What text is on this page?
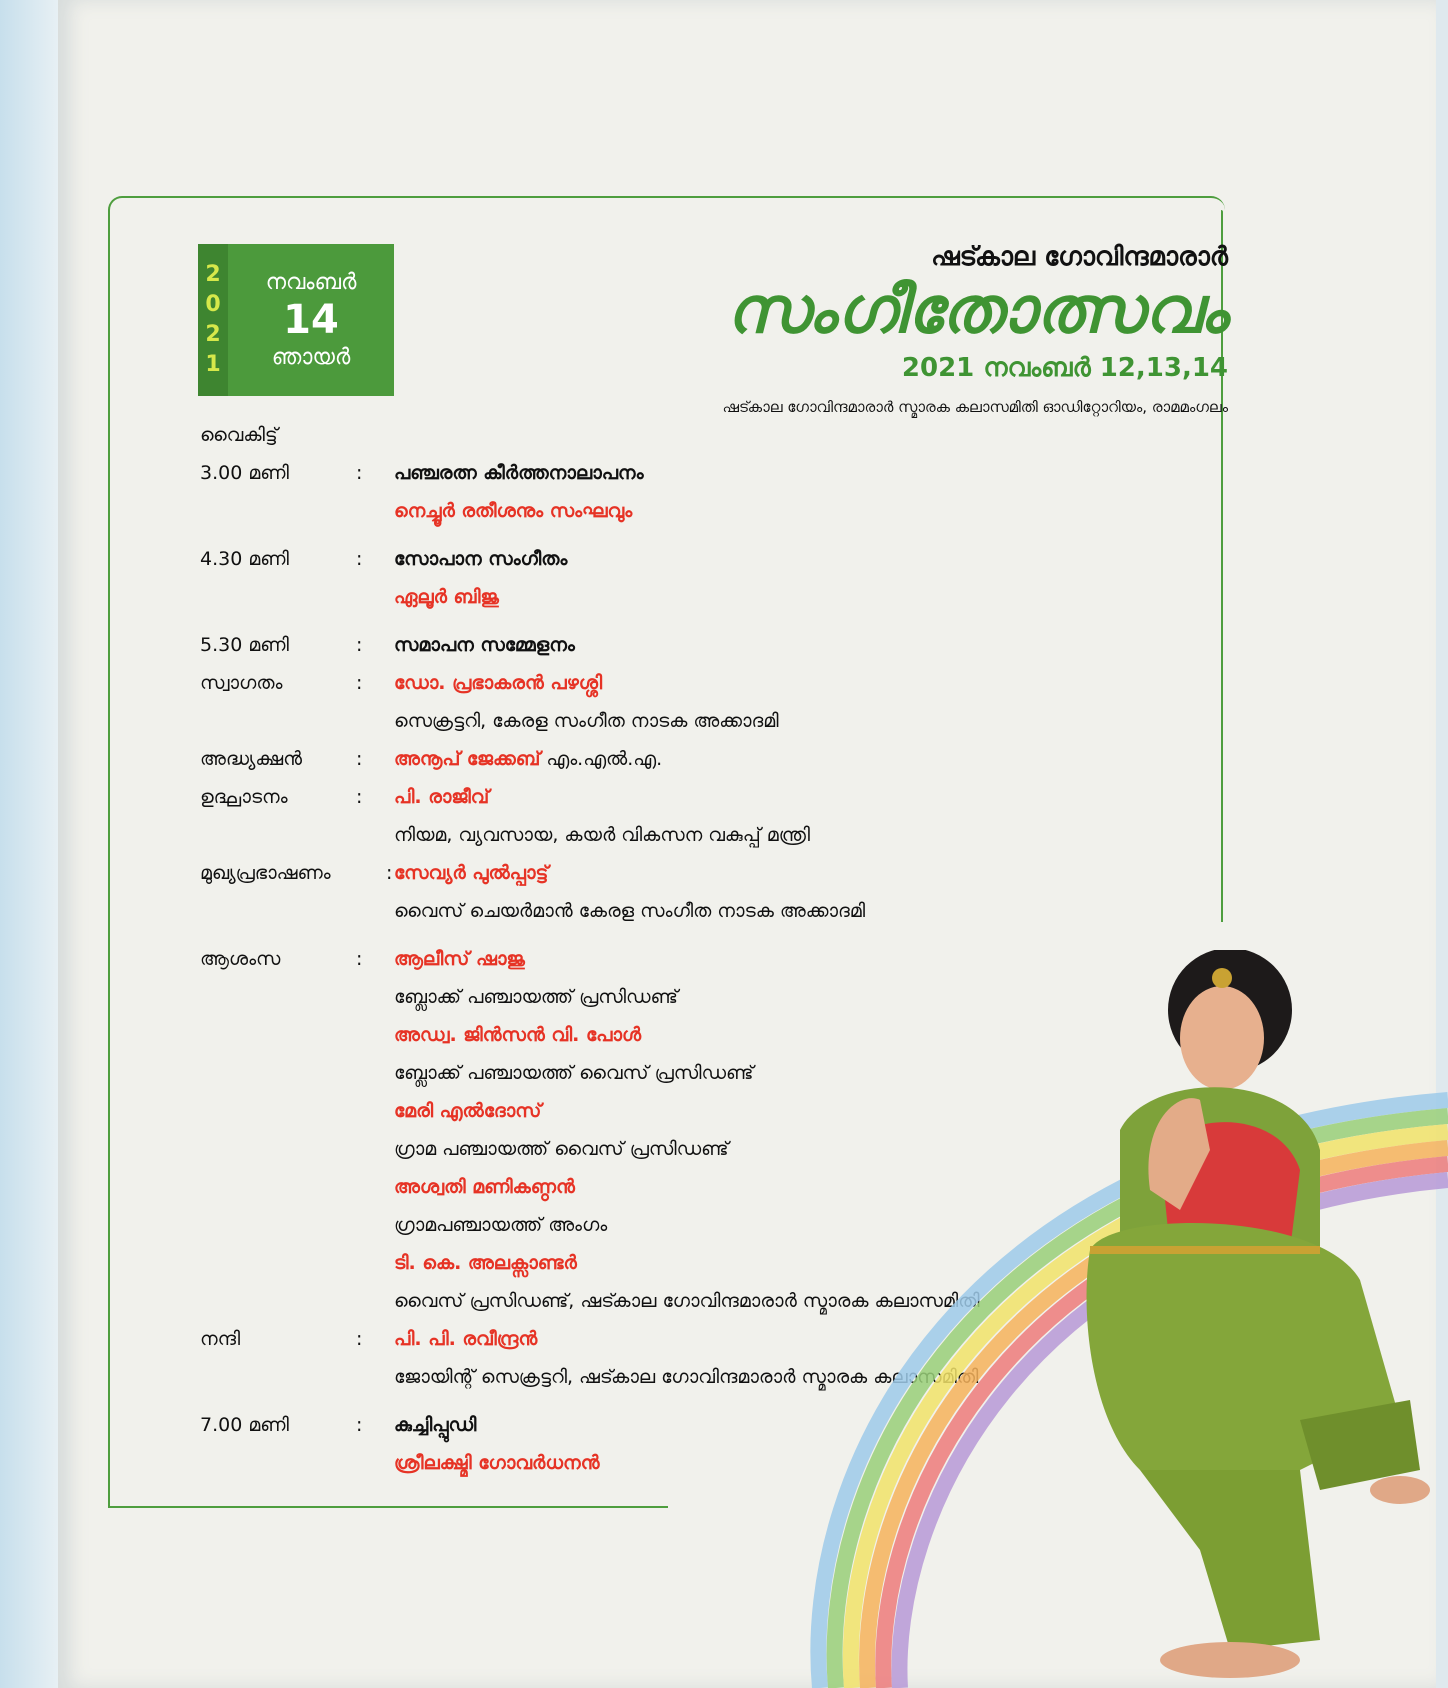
2
0
2
1
നവംബർ
14
ഞായർ
ഷട്കാല ഗോവിന്ദമാരാർ
സംഗീതോത്സവം
2021 നവംബർ 12,13,14
ഷട്കാല ഗോവിന്ദമാരാർ സ്മാരക കലാസമിതി ഓഡിറ്റോറിയം, രാമമംഗലം
വൈകിട്ട്
3.00 മണി	:	പഞ്ചരത്ന കീർത്തനാലാപനം
നെച്ചൂർ രതീശനും സംഘവും
4.30 മണി	:	സോപാന സംഗീതം
ഏലൂർ ബിജു
5.30 മണി	:	സമാപന സമ്മേളനം
സ്വാഗതം	:	ഡോ. പ്രഭാകരൻ പഴശ്ശി
സെക്രട്ടറി, കേരള സംഗീത നാടക അക്കാദമി
അദ്ധ്യക്ഷൻ	:	അനൂപ് ജേക്കബ് എം.എൽ.എ.
ഉദ്ഘാടനം	:	പി. രാജീവ്
നിയമ, വ്യവസായ, കയർ വികസന വകുപ്പ് മന്ത്രി
മുഖ്യപ്രഭാഷണം	: സേവ്യർ പുൽപ്പാട്ട്
വൈസ് ചെയർമാൻ കേരള സംഗീത നാടക അക്കാദമി
ആശംസ	:	ആലീസ് ഷാജു
ബ്ലോക്ക് പഞ്ചായത്ത് പ്രസിഡണ്ട്
അഡ്വ. ജിൻസൻ വി. പോൾ
ബ്ലോക്ക് പഞ്ചായത്ത് വൈസ് പ്രസിഡണ്ട്
മേരി എൽദോസ്
ഗ്രാമ പഞ്ചായത്ത് വൈസ് പ്രസിഡണ്ട്
അശ്വതി മണികണ്ഠൻ
ഗ്രാമപഞ്ചായത്ത് അംഗം
ടി. കെ. അലക്സാണ്ടർ
വൈസ് പ്രസിഡണ്ട്, ഷട്കാല ഗോവിന്ദമാരാർ സ്മാരക കലാസമിതി
നന്ദി	:	പി. പി. രവീന്ദ്രൻ
ജോയിന്റ് സെക്രട്ടറി, ഷട്കാല ഗോവിന്ദമാരാർ സ്മാരക കലാസമിതി
7.00 മണി	:	കുച്ചിപ്പുഡി
ശ്രീലക്ഷ്മി ഗോവർധനൻ
